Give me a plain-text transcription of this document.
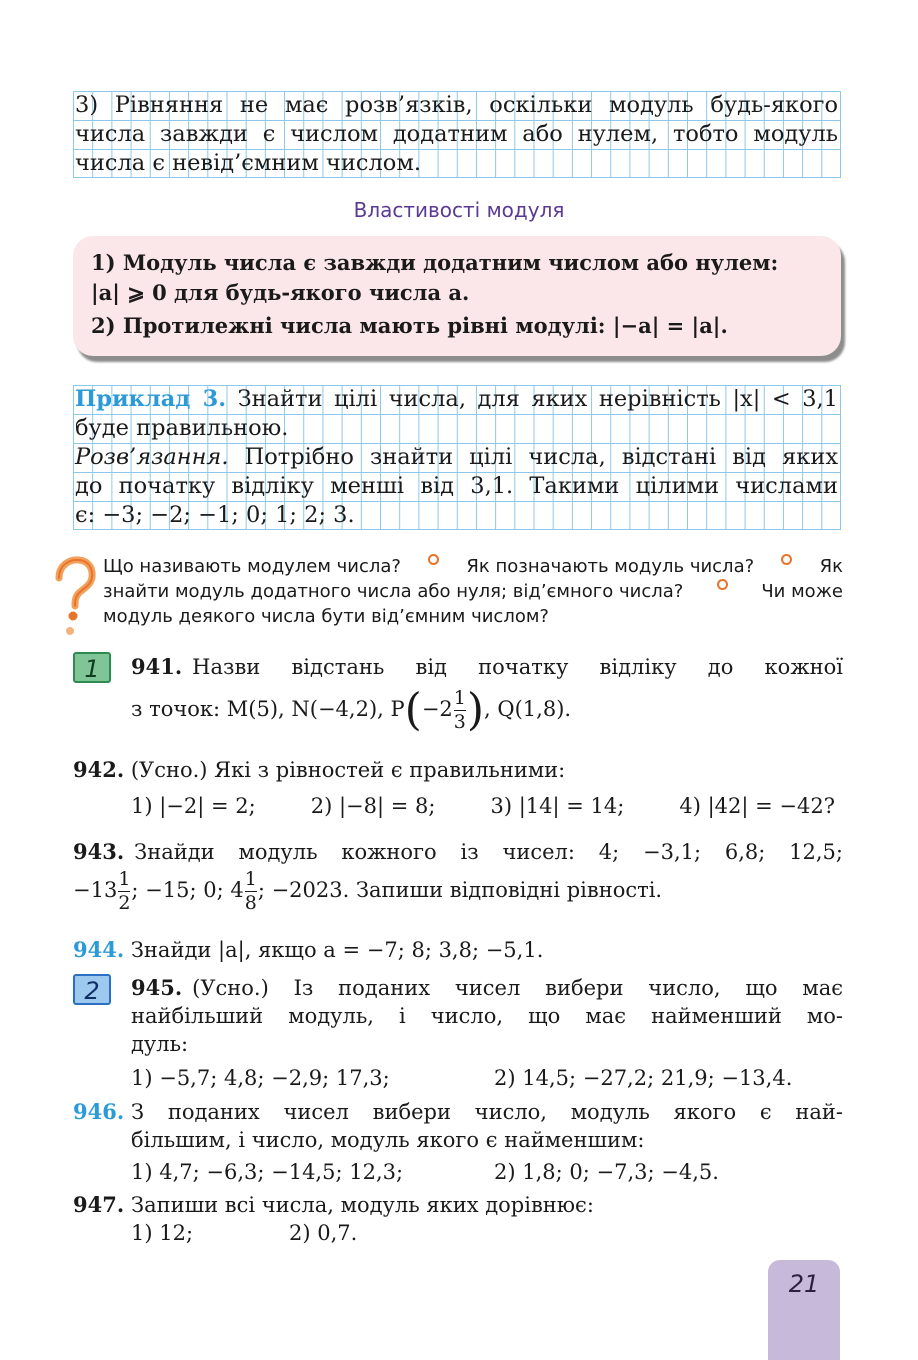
3) Рівняння не має розв’язків, оскільки модуль будь-якого
числа завжди є числом додатним або нулем, тобто модуль
числа є невід’ємним числом.
Властивості модуля
1) Модуль числа є завжди додатним числом або нулем:
|a| ⩾ 0 для будь-якого числа a.
2) Протилежні числа мають рівні модулі: |−a| = |a|.
Приклад 3. Знайти цілі числа, для яких нерівність |x| < 3,1
буде правильною.
Розв’язання. Потрібно знайти цілі числа, відстані від яких
до початку відліку менші від 3,1. Такими цілими числами
є: −3; −2; −1; 0; 1; 2; 3.
Що називають модулем числа?	Як позначають модуль числа?	Як
знайти модуль додатного числа або нуля; від’ємного числа?	Чи може
модуль деякого числа бути від’ємним числом?
1	941. Назви відстань від початку відліку до кожної
з точок: M(5), N(−4,2), $P(-2 \frac{1}{3}$ ), Q(1,8).
942. (Усно.) Які з рівностей є правильними:
1) |−2| = 2;	2) |−8| = 8;	3) |14| = 14;	4) |42| = −42?
943. Знайди модуль кожного із чисел: 4; −3,1; 6,8; 12,5;
$-13 \frac{1}{2}$ ; −15; 0; $4 \frac{1}{8}$ ; −2023. Запиши відповідні рівності.
944. Знайди |a|, якщо a = −7; 8; 3,8; −5,1.
2	945. (Усно.) Із поданих чисел вибери число, що має
найбільший модуль, і число, що має найменший мо-
дуль:
1) −5,7; 4,8; −2,9; 17,3;	2) 14,5; −27,2; 21,9; −13,4.
946. З поданих чисел вибери число, модуль якого є най-
більшим, і число, модуль якого є найменшим:
1) 4,7; −6,3; −14,5; 12,3;	2) 1,8; 0; −7,3; −4,5.
947. Запиши всі числа, модуль яких дорівнює:
1) 12;	2) 0,7.
21
